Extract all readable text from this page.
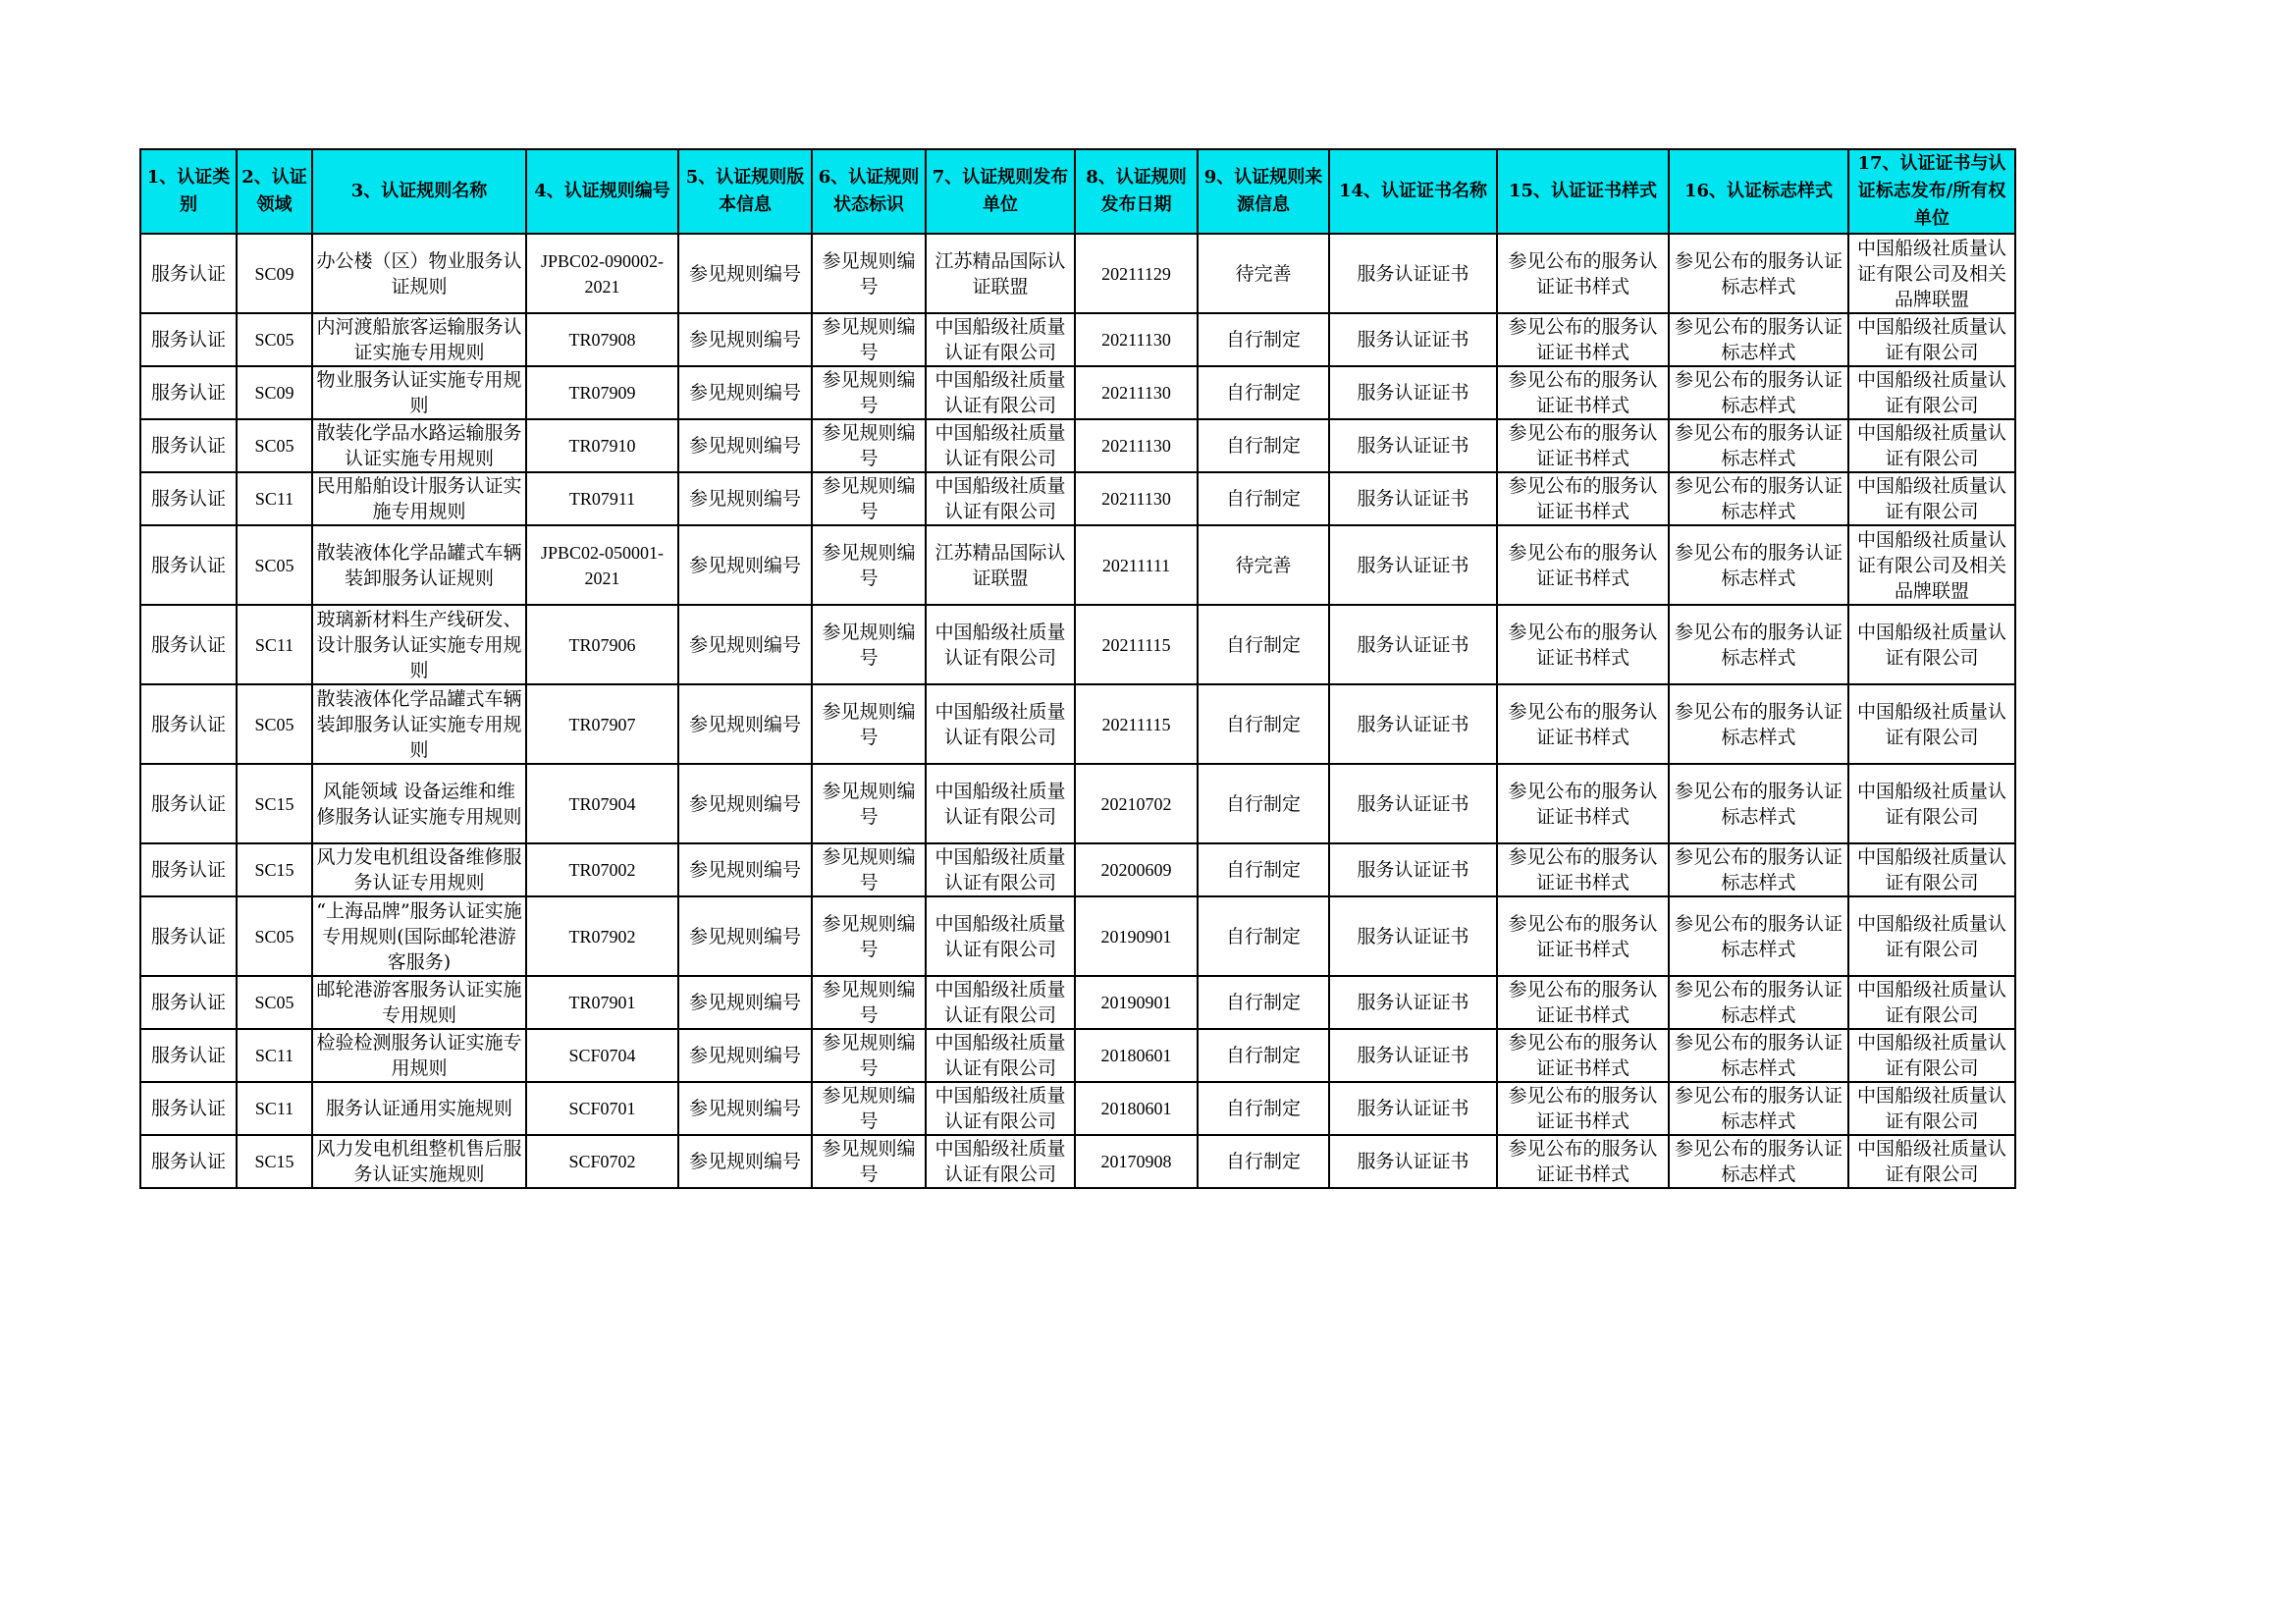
1、认证类别	2、认证领域	3、认证规则名称	4、认证规则编号	5、认证规则版本信息	6、认证规则状态标识	7、认证规则发布单位	8、认证规则发布日期	9、认证规则来源信息	14、认证证书名称	15、认证证书样式	16、认证标志样式	17、认证证书与认证标志发布/所有权单位
服务认证	SC09	办公楼（区）物业服务认证规则	JPBC02-090002-2021	参见规则编号	参见规则编号	江苏精品国际认证联盟	20211129	待完善	服务认证证书	参见公布的服务认证证书样式	参见公布的服务认证标志样式	中国船级社质量认证有限公司及相关品牌联盟
服务认证	SC05	内河渡船旅客运输服务认证实施专用规则	TR07908	参见规则编号	参见规则编号	中国船级社质量认证有限公司	20211130	自行制定	服务认证证书	参见公布的服务认证证书样式	参见公布的服务认证标志样式	中国船级社质量认证有限公司
服务认证	SC09	物业服务认证实施专用规则	TR07909	参见规则编号	参见规则编号	中国船级社质量认证有限公司	20211130	自行制定	服务认证证书	参见公布的服务认证证书样式	参见公布的服务认证标志样式	中国船级社质量认证有限公司
服务认证	SC05	散装化学品水路运输服务认证实施专用规则	TR07910	参见规则编号	参见规则编号	中国船级社质量认证有限公司	20211130	自行制定	服务认证证书	参见公布的服务认证证书样式	参见公布的服务认证标志样式	中国船级社质量认证有限公司
服务认证	SC11	民用船舶设计服务认证实施专用规则	TR07911	参见规则编号	参见规则编号	中国船级社质量认证有限公司	20211130	自行制定	服务认证证书	参见公布的服务认证证书样式	参见公布的服务认证标志样式	中国船级社质量认证有限公司
服务认证	SC05	散装液体化学品罐式车辆装卸服务认证规则	JPBC02-050001-2021	参见规则编号	参见规则编号	江苏精品国际认证联盟	20211111	待完善	服务认证证书	参见公布的服务认证证书样式	参见公布的服务认证标志样式	中国船级社质量认证有限公司及相关品牌联盟
服务认证	SC11	玻璃新材料生产线研发、设计服务认证实施专用规则	TR07906	参见规则编号	参见规则编号	中国船级社质量认证有限公司	20211115	自行制定	服务认证证书	参见公布的服务认证证书样式	参见公布的服务认证标志样式	中国船级社质量认证有限公司
服务认证	SC05	散装液体化学品罐式车辆装卸服务认证实施专用规则	TR07907	参见规则编号	参见规则编号	中国船级社质量认证有限公司	20211115	自行制定	服务认证证书	参见公布的服务认证证书样式	参见公布的服务认证标志样式	中国船级社质量认证有限公司
服务认证	SC15	风能领域 设备运维和维修服务认证实施专用规则	TR07904	参见规则编号	参见规则编号	中国船级社质量认证有限公司	20210702	自行制定	服务认证证书	参见公布的服务认证证书样式	参见公布的服务认证标志样式	中国船级社质量认证有限公司
服务认证	SC15	风力发电机组设备维修服务认证专用规则	TR07002	参见规则编号	参见规则编号	中国船级社质量认证有限公司	20200609	自行制定	服务认证证书	参见公布的服务认证证书样式	参见公布的服务认证标志样式	中国船级社质量认证有限公司
服务认证	SC05	“上海品牌”服务认证实施专用规则(国际邮轮港游客服务)	TR07902	参见规则编号	参见规则编号	中国船级社质量认证有限公司	20190901	自行制定	服务认证证书	参见公布的服务认证证书样式	参见公布的服务认证标志样式	中国船级社质量认证有限公司
服务认证	SC05	邮轮港游客服务认证实施专用规则	TR07901	参见规则编号	参见规则编号	中国船级社质量认证有限公司	20190901	自行制定	服务认证证书	参见公布的服务认证证书样式	参见公布的服务认证标志样式	中国船级社质量认证有限公司
服务认证	SC11	检验检测服务认证实施专用规则	SCF0704	参见规则编号	参见规则编号	中国船级社质量认证有限公司	20180601	自行制定	服务认证证书	参见公布的服务认证证书样式	参见公布的服务认证标志样式	中国船级社质量认证有限公司
服务认证	SC11	服务认证通用实施规则	SCF0701	参见规则编号	参见规则编号	中国船级社质量认证有限公司	20180601	自行制定	服务认证证书	参见公布的服务认证证书样式	参见公布的服务认证标志样式	中国船级社质量认证有限公司
服务认证	SC15	风力发电机组整机售后服务认证实施规则	SCF0702	参见规则编号	参见规则编号	中国船级社质量认证有限公司	20170908	自行制定	服务认证证书	参见公布的服务认证证书样式	参见公布的服务认证标志样式	中国船级社质量认证有限公司
